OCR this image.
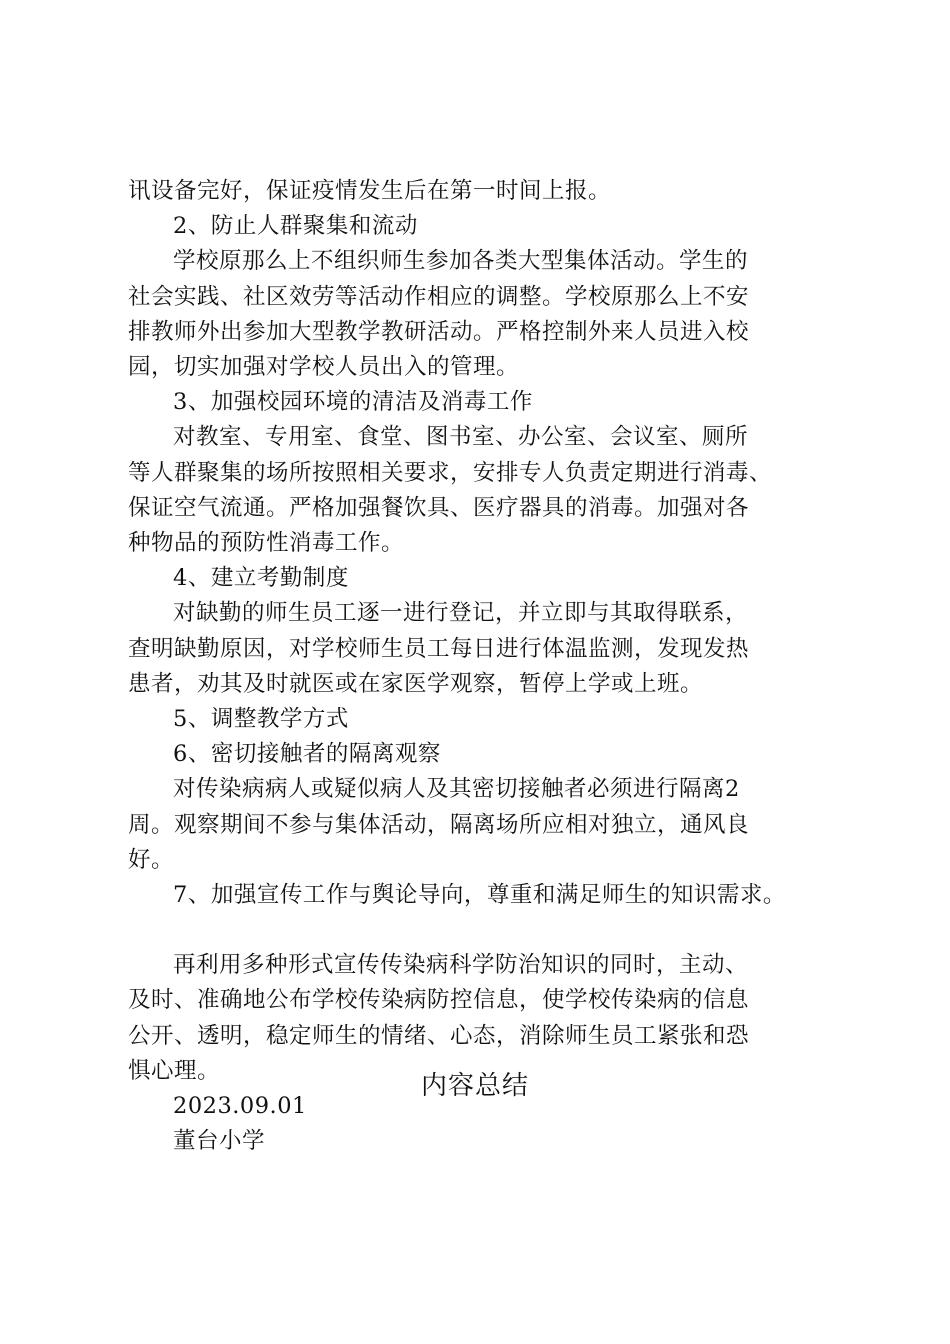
讯设备完好，保证疫情发生后在第一时间上报。

2、防止人群聚集和流动

学校原那么上不组织师生参加各类大型集体活动。学生的

社会实践、社区效劳等活动作相应的调整。学校原那么上不安

排教师外出参加大型教学教研活动。严格控制外来人员进入校

园，切实加强对学校人员出入的管理。

3、加强校园环境的清洁及消毒工作

对教室、专用室、食堂、图书室、办公室、会议室、厕所

等人群聚集的场所按照相关要求，安排专人负责定期进行消毒、

保证空气流通。严格加强餐饮具、医疗器具的消毒。加强对各

种物品的预防性消毒工作。

4、建立考勤制度

对缺勤的师生员工逐一进行登记，并立即与其取得联系，

查明缺勤原因，对学校师生员工每日进行体温监测，发现发热

患者，劝其及时就医或在家医学观察，暂停上学或上班。

5、调整教学方式

6、密切接触者的隔离观察

对传染病病人或疑似病人及其密切接触者必须进行隔离2

周。观察期间不参与集体活动，隔离场所应相对独立，通风良

好。

7、加强宣传工作与舆论导向，尊重和满足师生的知识需求。

再利用多种形式宣传传染病科学防治知识的同时，主动、

及时、准确地公布学校传染病防控信息，使学校传染病的信息

公开、透明，稳定师生的情绪、心态，消除师生员工紧张和恐

惧心理。

2023.09.01

董台小学

内容总结
